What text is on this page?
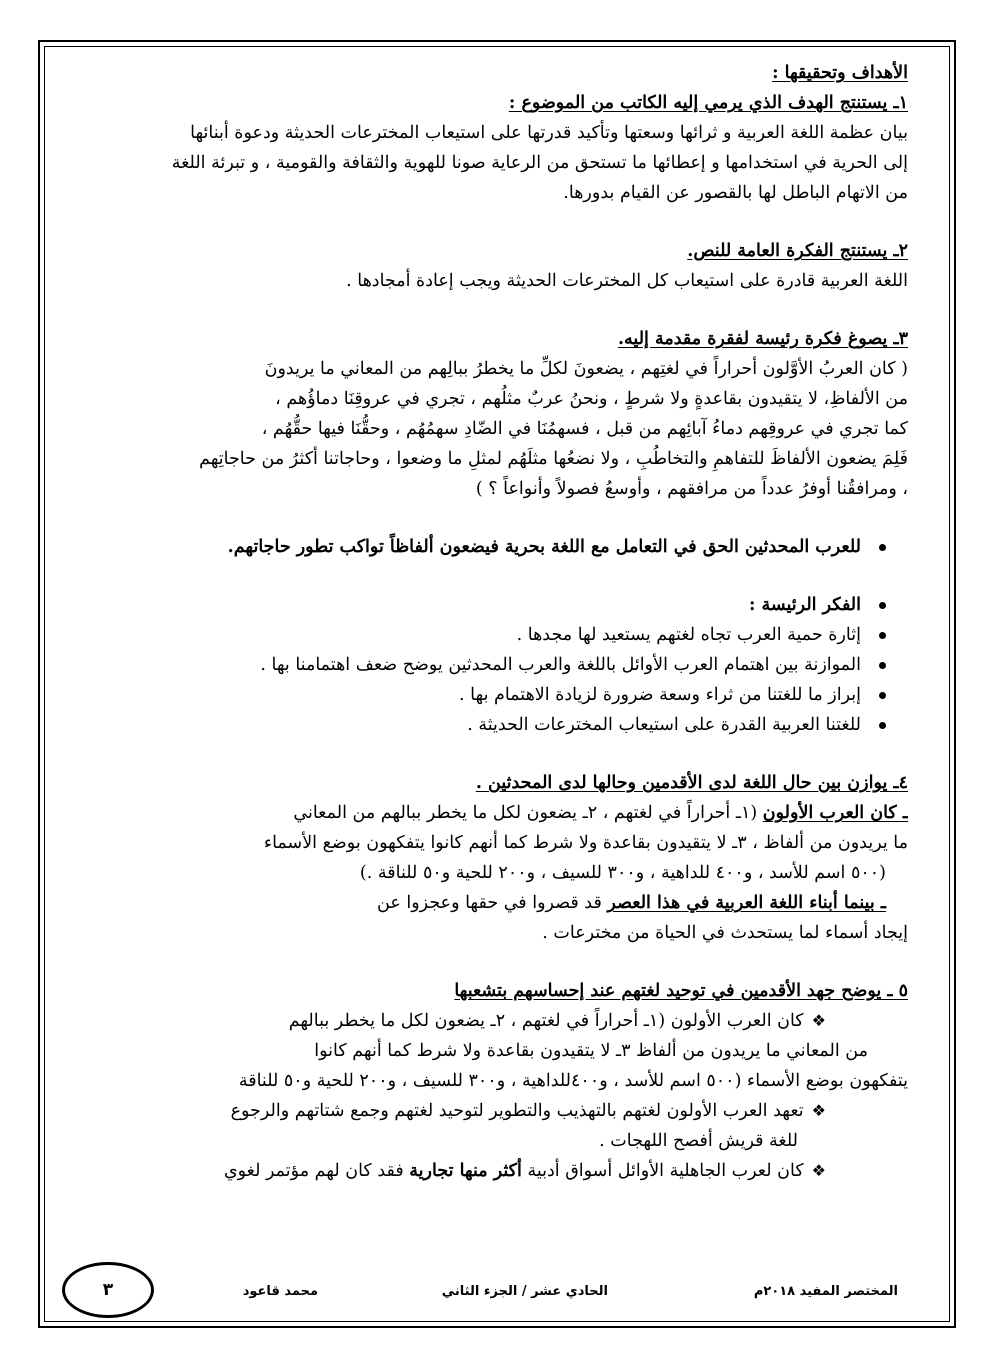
الأهداف وتحقيقها :
١ـ يستنتج الهدف الذي يرمي إليه الكاتب من الموضوع :
بيان عظمة اللغة العربية و ثرائها وسعتها وتأكيد قدرتها على استيعاب المخترعات الحديثة ودعوة أبنائها
إلى الحرية في استخدامها و إعطائها ما تستحق من الرعاية صونا للهوية والثقافة والقومية ، و تبرئة اللغة
من الاتهام الباطل لها بالقصور عن القيام بدورها.
٢ـ يستنتج الفكرة العامة للنص.
اللغة العربية قادرة على استيعاب كل المخترعات الحديثة ويجب إعادة أمجادها .
٣ـ يصوغ فكرة رئيسة لفقرة مقدمة إليه.
( كان العربُ الأوَّلون أحراراً في لغتِهم ، يضعونَ لكلِّ ما يخطرُ ببالِهم من المعاني ما يريدونَ
من الألفاظِ، لا يتقيدون بقاعدةٍ ولا شرطٍ ، ونحنُ عربٌ مثلُهم ، تجري في عروقِنَا دماؤُهم ،
كما تجري في عروقِهم دماءُ آبائِهم من قبل ، فسهمُنَا في الضّادِ سهمُهُم ، وحقُّنَا فيها حقُّهُم ،
فَلِمَ يضعون الألفاظَ للتفاهمِ والتخاطُبِ ، ولا نضعُها مثلَهُم لمثلِ ما وضعوا ، وحاجاتنا أكثرُ من حاجاتِهم
، ومرافقُنا أوفرُ عدداً من مرافقهم ، وأوسعُ فصولاً وأنواعاً ؟ )
للعرب المحدثين الحق في التعامل مع اللغة بحرية فيضعون ألفاظاً تواكب تطور حاجاتهم.
الفكر الرئيسة :
إثارة حمية العرب تجاه لغتهم يستعيد لها مجدها .
الموازنة بين اهتمام العرب الأوائل باللغة والعرب المحدثين يوضح ضعف اهتمامنا بها .
إبراز ما للغتنا من ثراء وسعة ضرورة لزيادة الاهتمام بها .
للغتنا العربية القدرة على استيعاب المخترعات الحديثة .
٤ـ يوازن بين حال اللغة لدى الأقدمين وحالها لدى المحدثين .
ـ كان العرب الأولون (١ـ أحراراً في لغتهم ، ٢ـ يضعون لكل ما يخطر ببالهم من المعاني
ما يريدون من ألفاظ ، ٣ـ لا يتقيدون بقاعدة ولا شرط كما أنهم كانوا يتفكهون بوضع الأسماء
(٥٠٠ اسم للأسد ، و٤٠٠ للداهية ، و٣٠٠ للسيف ، و٢٠٠ للحية و٥٠ للناقة .)
ـ بينما أبناء اللغة العربية في هذا العصر قد قصروا في حقها وعجزوا عن
إيجاد أسماء لما يستحدث في الحياة من مخترعات .
٥ ـ يوضح جهد الأقدمين في توحيد لغتهم عند إحساسهم بتشعبها
❖كان العرب الأولون (١ـ أحراراً في لغتهم ، ٢ـ يضعون لكل ما يخطر ببالهم
من المعاني ما يريدون من ألفاظ ٣ـ لا يتقيدون بقاعدة ولا شرط كما أنهم كانوا
يتفكهون بوضع الأسماء (٥٠٠ اسم للأسد ، و٤٠٠للداهية ، و٣٠٠ للسيف ، و٢٠٠ للحية و٥٠ للناقة
❖تعهد العرب الأولون لغتهم بالتهذيب والتطوير لتوحيد لغتهم وجمع شتاتهم والرجوع
للغة قريش أفصح اللهجات .
❖كان لعرب الجاهلية الأوائل أسواق أدبية أكثر منها تجارية فقد كان لهم مؤتمر لغوي
المختصر المفيد ٢٠١٨م
الحادي عشر / الجزء الثاني
محمد قاعود
٣
